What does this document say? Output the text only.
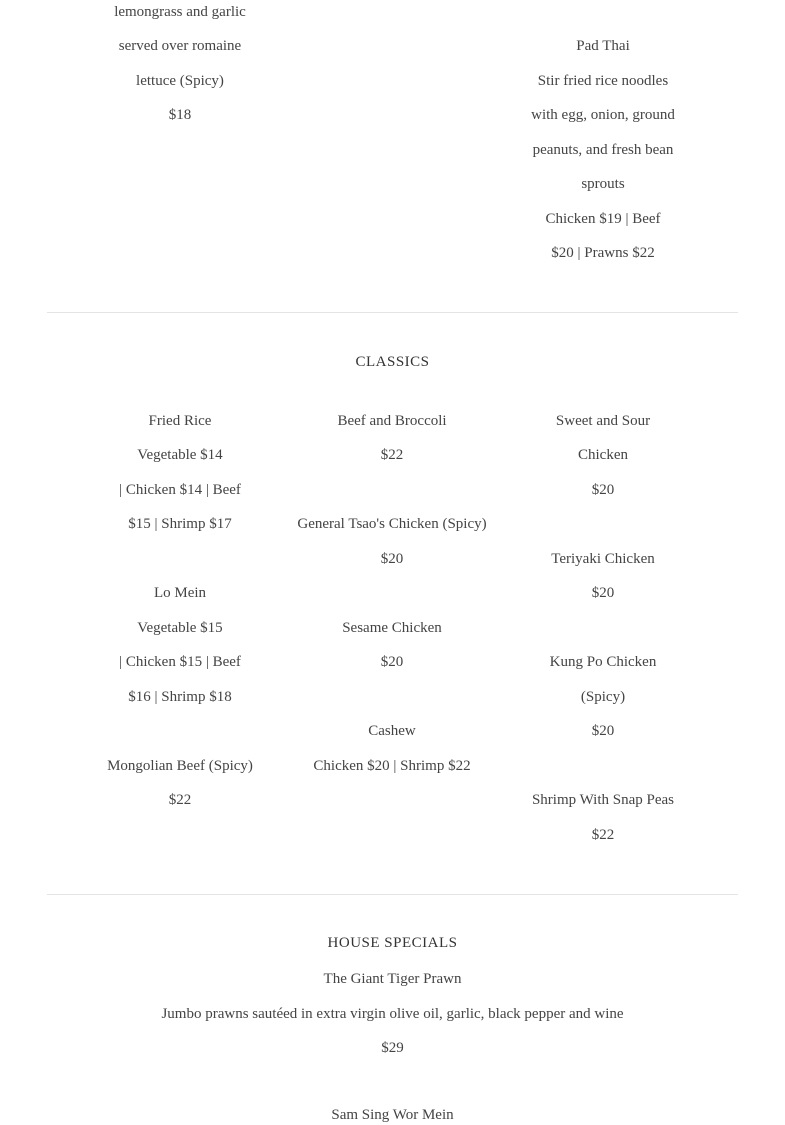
lemongrass and garlic
served over romaine
lettuce (Spicy)
$18
Pad Thai
Stir fried rice noodles
with egg, onion, ground
peanuts, and fresh bean
sprouts
Chicken $19 | Beef
$20 | Prawns $22
CLASSICS
Fried Rice
Vegetable $14
| Chicken $14 | Beef
$15 | Shrimp $17
Lo Mein
Vegetable $15
| Chicken $15 | Beef
$16 | Shrimp $18
Mongolian Beef (Spicy)
$22
Beef and Broccoli
$22
General Tsao's Chicken (Spicy)
$20
Sesame Chicken
$20
Cashew
Chicken $20 | Shrimp $22
Sweet and Sour
Chicken
$20
Teriyaki Chicken
$20
Kung Po Chicken
(Spicy)
$20
Shrimp With Snap Peas
$22
HOUSE SPECIALS
The Giant Tiger Prawn
Jumbo prawns sautéed in extra virgin olive oil, garlic, black pepper and wine
$29
Sam Sing Wor Mein
